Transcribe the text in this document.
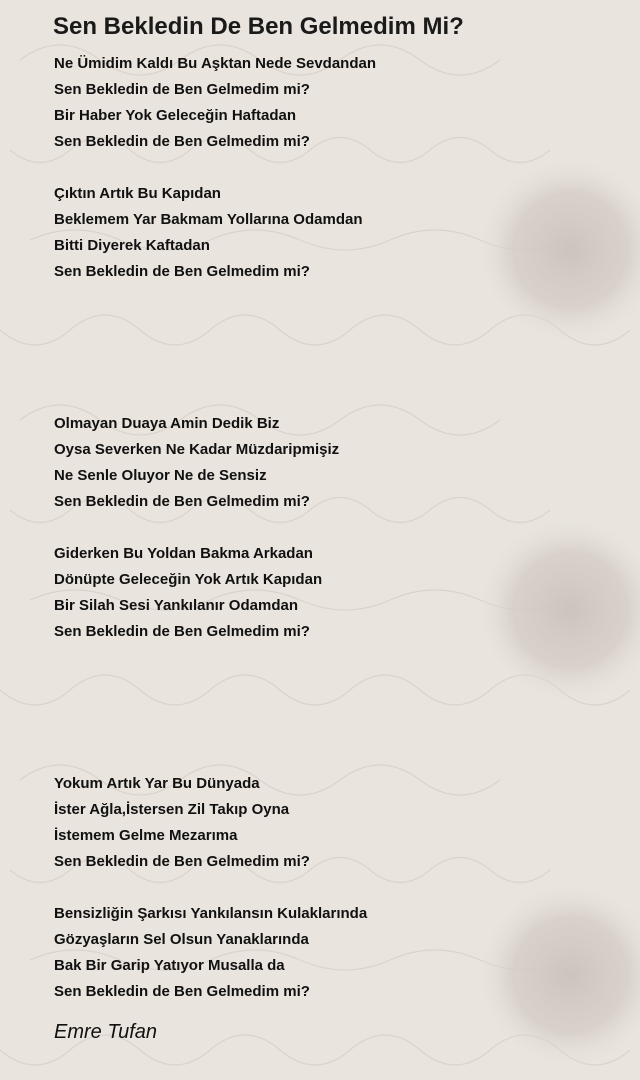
Sen Bekledin De Ben Gelmedim Mi?
Ne Ümidim Kaldı Bu Aşktan Nede Sevdandan
Sen Bekledin de Ben Gelmedim mi?
Bir Haber Yok Geleceğin Haftadan
Sen Bekledin de Ben Gelmedim mi?
Çıktın Artık Bu Kapıdan
Beklemem Yar Bakmam Yollarına Odamdan
Bitti Diyerek Kaftadan
Sen Bekledin de Ben Gelmedim mi?
Olmayan Duaya Amin Dedik Biz
Oysa Severken Ne Kadar Müzdaripmişiz
Ne Senle Oluyor Ne de Sensiz
Sen Bekledin de Ben Gelmedim mi?
Giderken Bu Yoldan Bakma Arkadan
Dönüpte Geleceğin Yok Artık Kapıdan
Bir Silah Sesi Yankılanır Odamdan
Sen Bekledin de Ben Gelmedim mi?
Yokum Artık Yar Bu Dünyada
İster Ağla,İstersen Zil Takıp Oyna
İstemem Gelme Mezarıma
Sen Bekledin de Ben Gelmedim mi?
Bensizliğin Şarkısı Yankılansın Kulaklarında
Gözyaşların Sel Olsun Yanaklarında
Bak Bir Garip Yatıyor Musalla da
Sen Bekledin de Ben Gelmedim mi?
Emre Tufan
